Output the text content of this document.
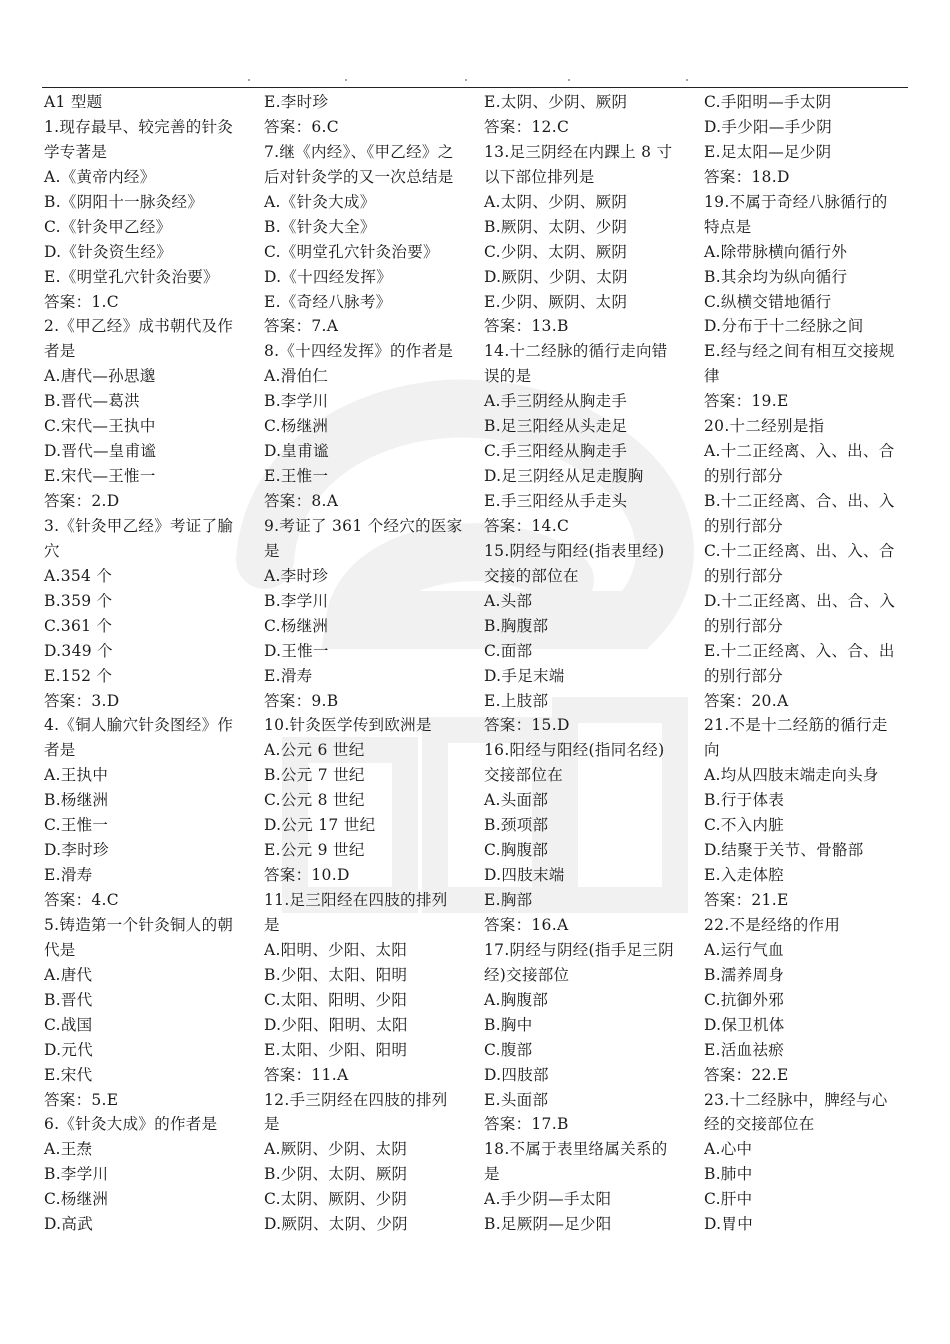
A1 型题
1.现存最早、较完善的针灸
学专著是
A.《黄帝内经》
B.《阴阳十一脉灸经》
C.《针灸甲乙经》
D.《针灸资生经》
E.《明堂孔穴针灸治要》
答案：1.C
2.《甲乙经》成书朝代及作
者是
A.唐代—孙思邈
B.晋代—葛洪
C.宋代—王执中
D.晋代—皇甫谧
E.宋代—王惟一
答案：2.D
3.《针灸甲乙经》考证了腧
穴
A.354 个
B.359 个
C.361 个
D.349 个
E.152 个
答案：3.D
4.《铜人腧穴针灸图经》作
者是
A.王执中
B.杨继洲
C.王惟一
D.李时珍
E.滑寿
答案：4.C
5.铸造第一个针灸铜人的朝
代是
A.唐代
B.晋代
C.战国
D.元代
E.宋代
答案：5.E
6.《针灸大成》的作者是
A.王焘
B.李学川
C.杨继洲
D.高武
E.李时珍
答案：6.C
7.继《内经》、《甲乙经》之
后对针灸学的又一次总结是
A.《针灸大成》
B.《针灸大全》
C.《明堂孔穴针灸治要》
D.《十四经发挥》
E.《奇经八脉考》
答案：7.A
8.《十四经发挥》的作者是
A.滑伯仁
B.李学川
C.杨继洲
D.皇甫谧
E.王惟一
答案：8.A
9.考证了 361 个经穴的医家
是
A.李时珍
B.李学川
C.杨继洲
D.王惟一
E.滑寿
答案：9.B
10.针灸医学传到欧洲是
A.公元 6 世纪
B.公元 7 世纪
C.公元 8 世纪
D.公元 17 世纪
E.公元 9 世纪
答案：10.D
11.足三阳经在四肢的排列
是
A.阳明、少阳、太阳
B.少阳、太阳、阳明
C.太阳、阳明、少阳
D.少阳、阳明、太阳
E.太阳、少阳、阳明
答案：11.A
12.手三阴经在四肢的排列
是
A.厥阴、少阴、太阴
B.少阴、太阴、厥阴
C.太阴、厥阴、少阴
D.厥阴、太阴、少阴
E.太阴、少阴、厥阴
答案：12.C
13.足三阴经在内踝上 8 寸
以下部位排列是
A.太阴、少阴、厥阴
B.厥阴、太阴、少阴
C.少阴、太阴、厥阴
D.厥阴、少阴、太阴
E.少阴、厥阴、太阴
答案：13.B
14.十二经脉的循行走向错
误的是
A.手三阴经从胸走手
B.足三阳经从头走足
C.手三阳经从胸走手
D.足三阴经从足走腹胸
E.手三阳经从手走头
答案：14.C
15.阴经与阳经(指表里经)
交接的部位在
A.头部
B.胸腹部
C.面部
D.手足末端
E.上肢部
答案：15.D
16.阳经与阳经(指同名经)
交接部位在
A.头面部
B.颈项部
C.胸腹部
D.四肢末端
E.胸部
答案：16.A
17.阴经与阴经(指手足三阴
经)交接部位
A.胸腹部
B.胸中
C.腹部
D.四肢部
E.头面部
答案：17.B
18.不属于表里络属关系的
是
A.手少阴—手太阳
B.足厥阴—足少阳
C.手阳明—手太阴
D.手少阳—手少阴
E.足太阳—足少阴
答案：18.D
19.不属于奇经八脉循行的
特点是
A.除带脉横向循行外
B.其余均为纵向循行
C.纵横交错地循行
D.分布于十二经脉之间
E.经与经之间有相互交接规
律
答案：19.E
20.十二经别是指
A.十二正经离、入、出、合
的别行部分
B.十二正经离、合、出、入
的别行部分
C.十二正经离、出、入、合
的别行部分
D.十二正经离、出、合、入
的别行部分
E.十二正经离、入、合、出
的别行部分
答案：20.A
21.不是十二经筋的循行走
向
A.均从四肢末端走向头身
B.行于体表
C.不入内脏
D.结聚于关节、骨骼部
E.入走体腔
答案：21.E
22.不是经络的作用
A.运行气血
B.濡养周身
C.抗御外邪
D.保卫机体
E.活血祛瘀
答案：22.E
23.十二经脉中，脾经与心
经的交接部位在
A.心中
B.肺中
C.肝中
D.胃中
